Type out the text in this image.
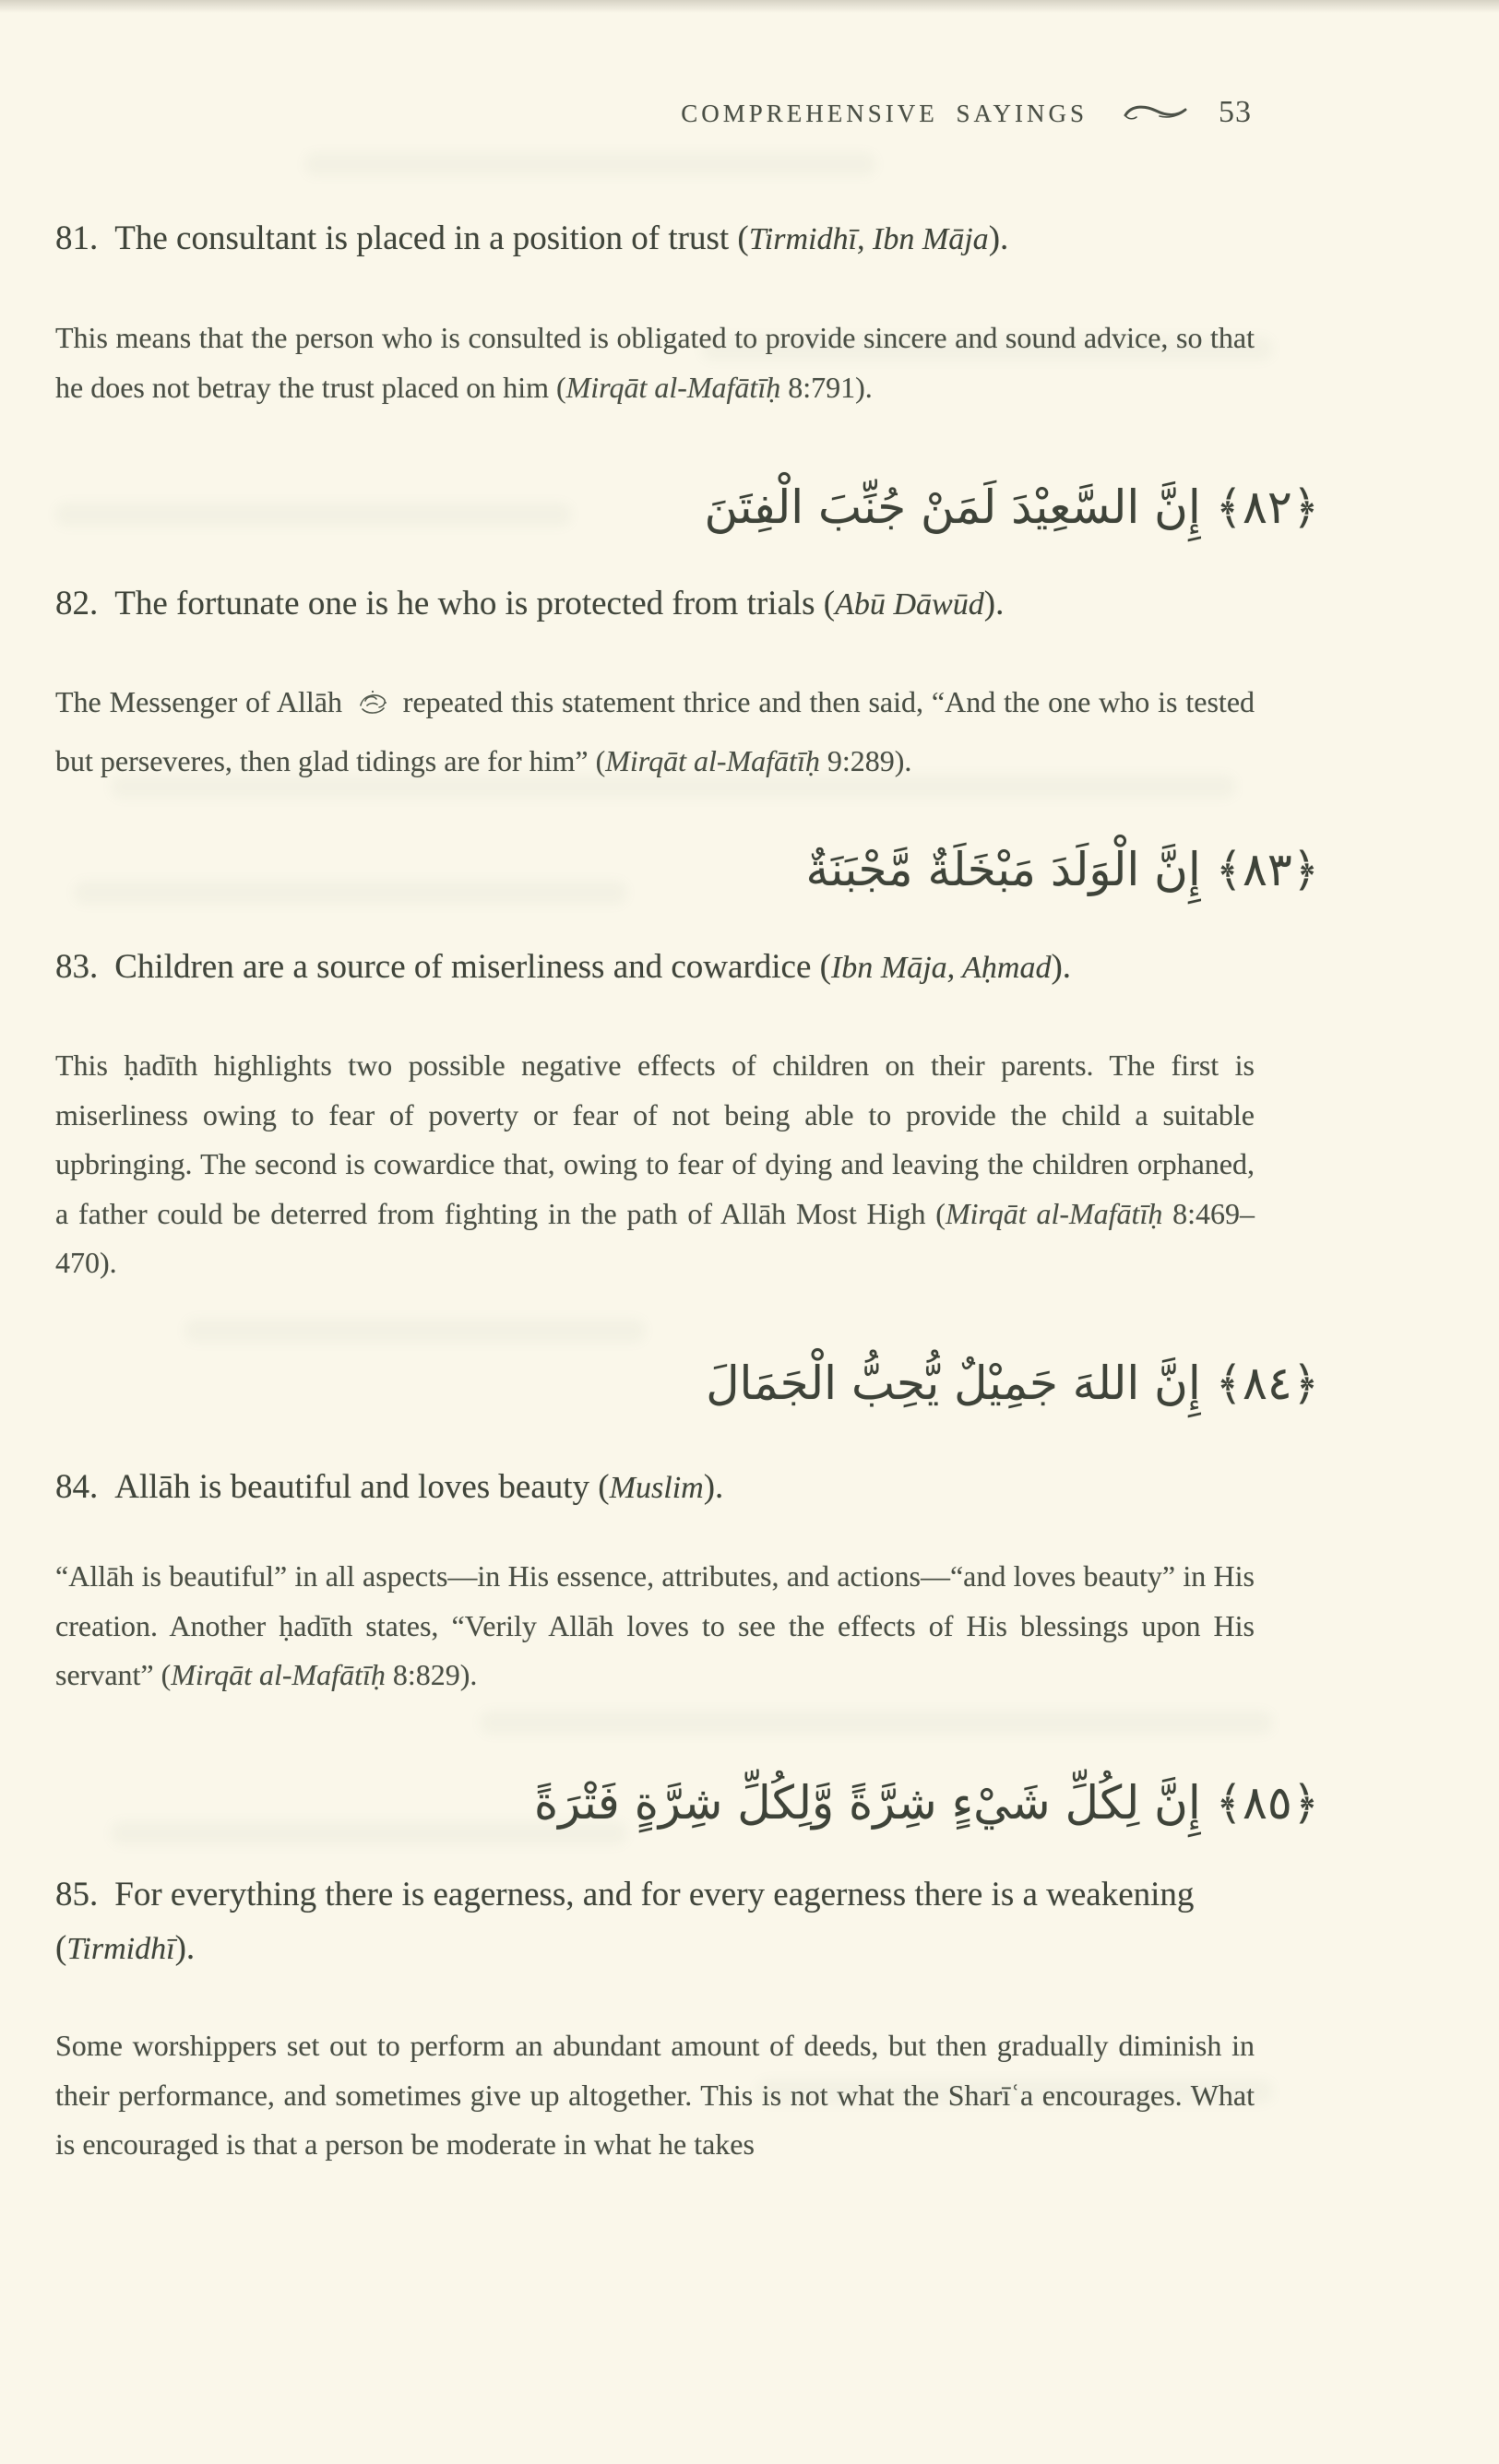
COMPREHENSIVE SAYINGS	53
81. The consultant is placed in a position of trust (Tirmidhī, Ibn Māja).

This means that the person who is consulted is obligated to provide sincere and sound advice, so that he does not betray the trust placed on him (Mirqāt al-Mafātīḥ 8:791).

﴿٨٢﴾ إِنَّ السَّعِيْدَ لَمَنْ جُنِّبَ الْفِتَنَ
82. The fortunate one is he who is protected from trials (Abū Dāwūd).

The Messenger of Allāh  repeated this statement thrice and then said, “And the one who is tested but perseveres, then glad tidings are for him” (Mirqāt al-Mafātīḥ 9:289).

﴿٨٣﴾ إِنَّ الْوَلَدَ مَبْخَلَةٌ مَّجْبَنَةٌ
83. Children are a source of miserliness and cowardice (Ibn Māja, Aḥmad).

This ḥadīth highlights two possible negative effects of children on their parents. The first is miserliness owing to fear of poverty or fear of not being able to provide the child a suitable upbringing. The second is cowardice that, owing to fear of dying and leaving the children orphaned, a father could be deterred from fighting in the path of Allāh Most High (Mirqāt al-Mafātīḥ 8:469–470).

﴿٨٤﴾ إِنَّ اللهَ جَمِيْلٌ يُّحِبُّ الْجَمَالَ
84. Allāh is beautiful and loves beauty (Muslim).

“Allāh is beautiful” in all aspects—in His essence, attributes, and actions—“and loves beauty” in His creation. Another ḥadīth states, “Verily Allāh loves to see the effects of His blessings upon His servant” (Mirqāt al-Mafātīḥ 8:829).

﴿٨٥﴾ إِنَّ لِكُلِّ شَيْءٍ شِرَّةً وَّلِكُلِّ شِرَّةٍ فَتْرَةً
85. For everything there is eagerness, and for every eagerness there is a weakening (Tirmidhī).

Some worshippers set out to perform an abundant amount of deeds, but then gradually diminish in their performance, and sometimes give up altogether. This is not what the Sharīʿa encourages. What is encouraged is that a person be moderate in what he takes
